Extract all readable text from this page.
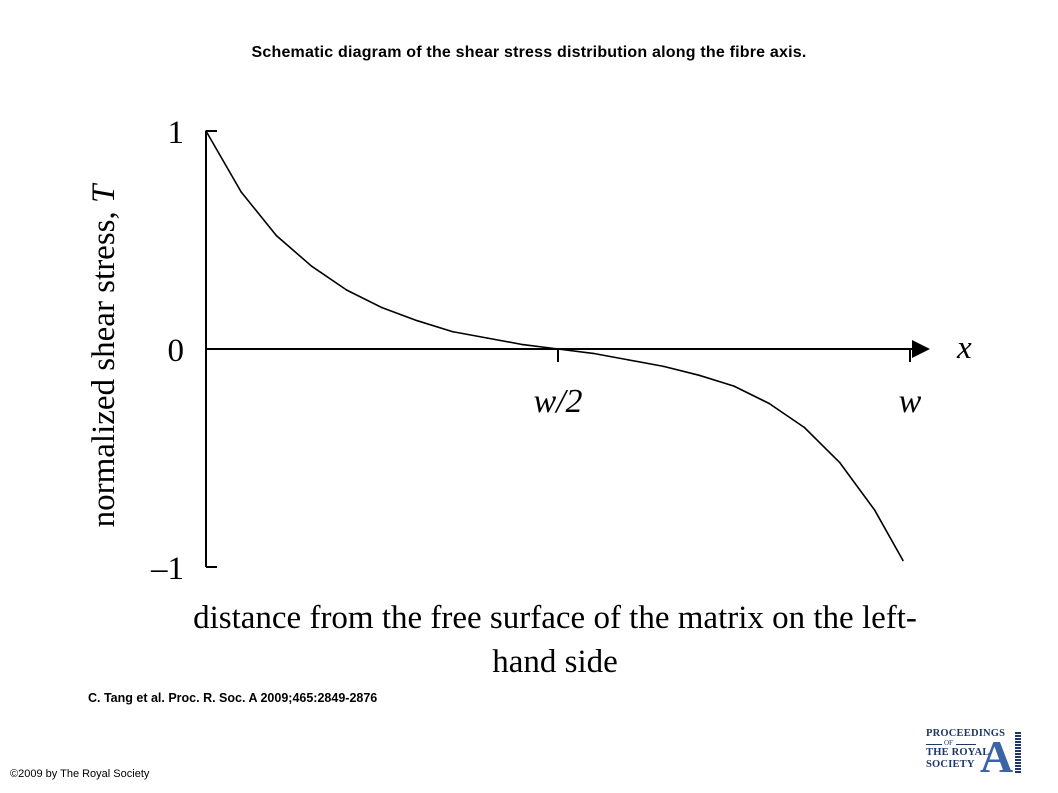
Schematic diagram of the shear stress distribution along the fibre axis.
1
0
–1
w/2	w
normalized shear stress, T
distance from the free surface of the matrix on the left-
hand side
x
C. Tang et al. Proc. R. Soc. A 2009;465:2849-2876
©2009 by The Royal Society
PROCEEDINGS
OF
THE ROYAL
SOCIETY A
